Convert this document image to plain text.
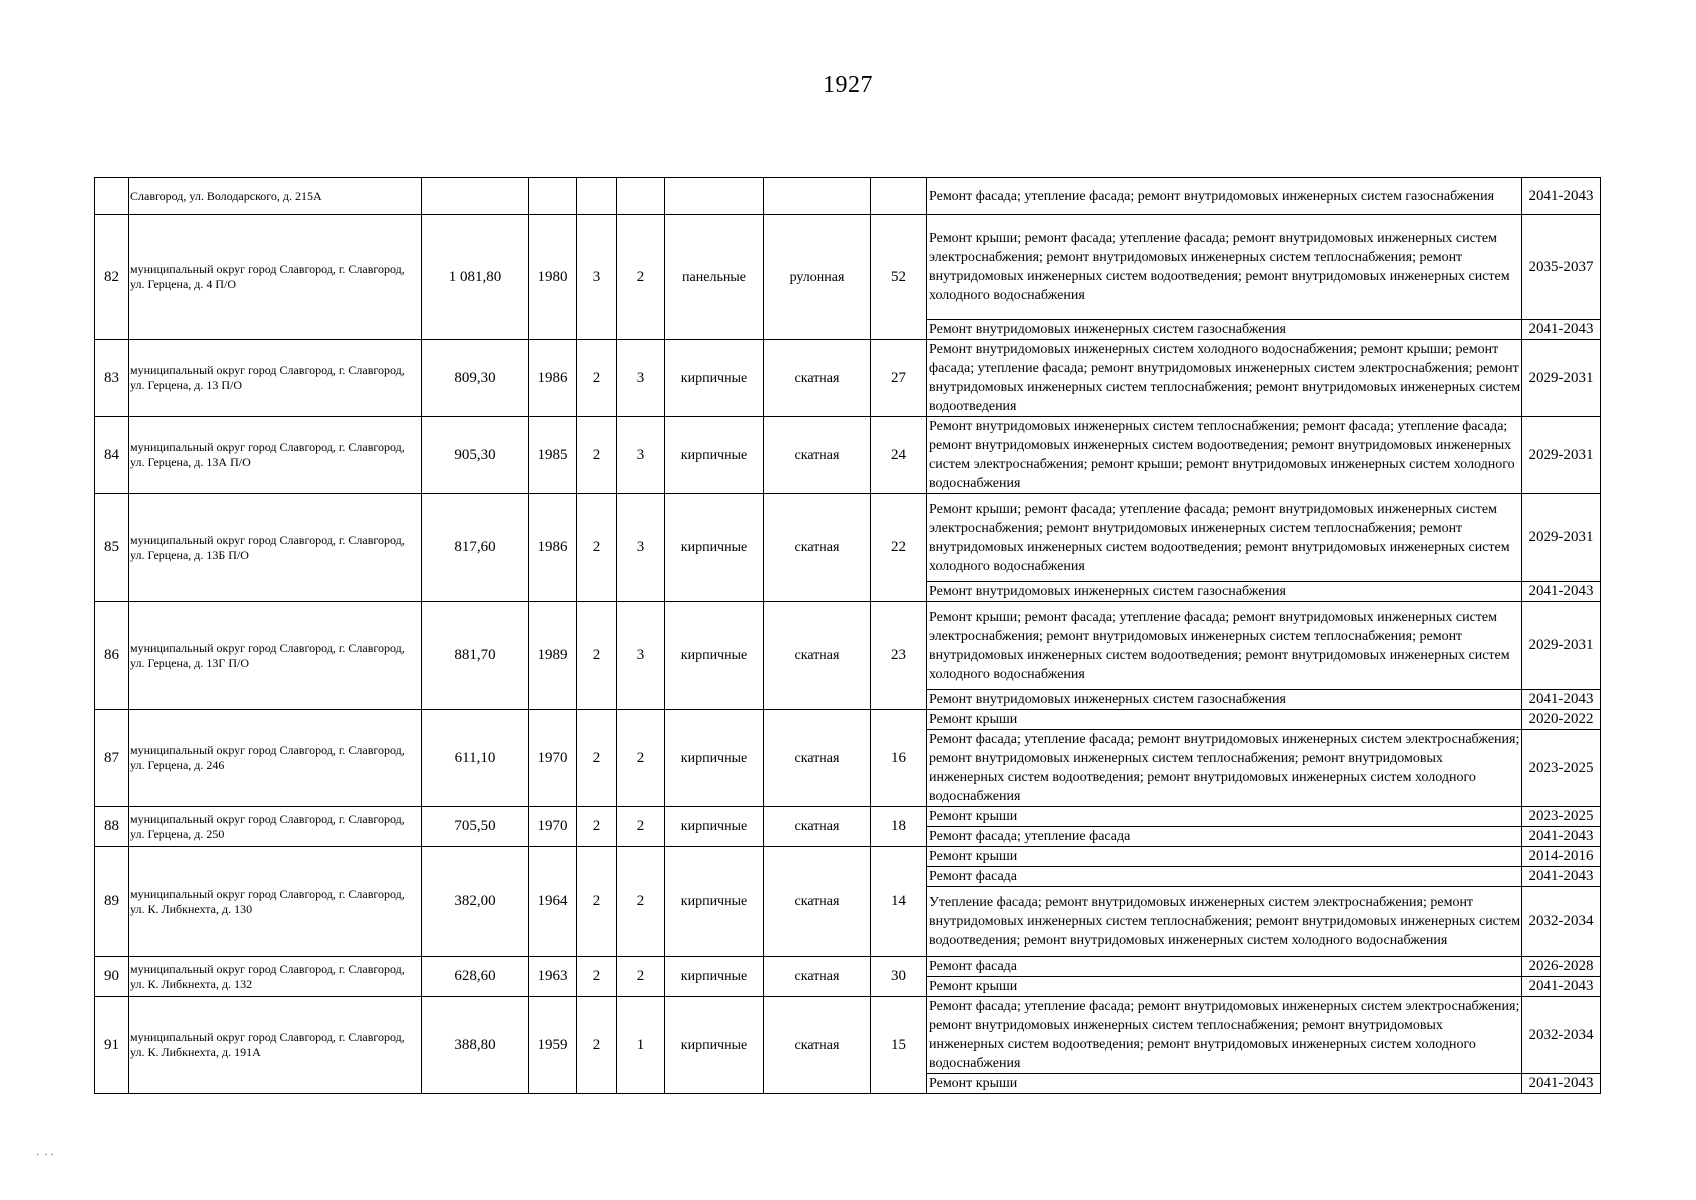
1927
	Славгород, ул. Володарского, д. 215А								Ремонт фасада; утепление фасада; ремонт внутридомовых инженерных систем газоснабжения	2041-2043
82	муниципальный округ город Славгород, г. Славгород, ул. Герцена, д. 4 П/О	1 081,80	1980	3	2	панельные	рулонная	52	Ремонт крыши; ремонт фасада; утепление фасада; ремонт внутридомовых инженерных систем электроснабжения; ремонт внутридомовых инженерных систем теплоснабжения; ремонт внутридомовых инженерных систем водоотведения; ремонт внутридомовых инженерных систем холодного водоснабжения	2035-2037
									Ремонт внутридомовых инженерных систем газоснабжения	2041-2043
83	муниципальный округ город Славгород, г. Славгород, ул. Герцена, д. 13 П/О	809,30	1986	2	3	кирпичные	скатная	27	Ремонт внутридомовых инженерных систем холодного водоснабжения; ремонт крыши; ремонт фасада; утепление фасада; ремонт внутридомовых инженерных систем электроснабжения; ремонт внутридомовых инженерных систем теплоснабжения; ремонт внутридомовых инженерных систем водоотведения	2029-2031
84	муниципальный округ город Славгород, г. Славгород, ул. Герцена, д. 13А П/О	905,30	1985	2	3	кирпичные	скатная	24	Ремонт внутридомовых инженерных систем теплоснабжения; ремонт фасада; утепление фасада; ремонт внутридомовых инженерных систем водоотведения; ремонт внутридомовых инженерных систем электроснабжения; ремонт крыши; ремонт внутридомовых инженерных систем холодного водоснабжения	2029-2031
85	муниципальный округ город Славгород, г. Славгород, ул. Герцена, д. 13Б П/О	817,60	1986	2	3	кирпичные	скатная	22	Ремонт крыши; ремонт фасада; утепление фасада; ремонт внутридомовых инженерных систем электроснабжения; ремонт внутридомовых инженерных систем теплоснабжения; ремонт внутридомовых инженерных систем водоотведения; ремонт внутридомовых инженерных систем холодного водоснабжения	2029-2031
									Ремонт внутридомовых инженерных систем газоснабжения	2041-2043
86	муниципальный округ город Славгород, г. Славгород, ул. Герцена, д. 13Г П/О	881,70	1989	2	3	кирпичные	скатная	23	Ремонт крыши; ремонт фасада; утепление фасада; ремонт внутридомовых инженерных систем электроснабжения; ремонт внутридомовых инженерных систем теплоснабжения; ремонт внутридомовых инженерных систем водоотведения; ремонт внутридомовых инженерных систем холодного водоснабжения	2029-2031
									Ремонт внутридомовых инженерных систем газоснабжения	2041-2043
87	муниципальный округ город Славгород, г. Славгород, ул. Герцена, д. 246	611,10	1970	2	2	кирпичные	скатная	16	Ремонт крыши	2020-2022
									Ремонт фасада; утепление фасада; ремонт внутридомовых инженерных систем электроснабжения; ремонт внутридомовых инженерных систем теплоснабжения; ремонт внутридомовых инженерных систем водоотведения; ремонт внутридомовых инженерных систем холодного водоснабжения	2023-2025
88	муниципальный округ город Славгород, г. Славгород, ул. Герцена, д. 250	705,50	1970	2	2	кирпичные	скатная	18	Ремонт крыши	2023-2025
									Ремонт фасада; утепление фасада	2041-2043
89	муниципальный округ город Славгород, г. Славгород, ул. К. Либкнехта, д. 130	382,00	1964	2	2	кирпичные	скатная	14	Ремонт крыши	2014-2016
									Ремонт фасада	2041-2043
									Утепление фасада; ремонт внутридомовых инженерных систем электроснабжения; ремонт внутридомовых инженерных систем теплоснабжения; ремонт внутридомовых инженерных систем водоотведения; ремонт внутридомовых инженерных систем холодного водоснабжения	2032-2034
90	муниципальный округ город Славгород, г. Славгород, ул. К. Либкнехта, д. 132	628,60	1963	2	2	кирпичные	скатная	30	Ремонт фасада	2026-2028
									Ремонт крыши	2041-2043
91	муниципальный округ город Славгород, г. Славгород, ул. К. Либкнехта, д. 191А	388,80	1959	2	1	кирпичные	скатная	15	Ремонт фасада; утепление фасада; ремонт внутридомовых инженерных систем электроснабжения; ремонт внутридомовых инженерных систем теплоснабжения; ремонт внутридомовых инженерных систем водоотведения; ремонт внутридомовых инженерных систем холодного водоснабжения	2032-2034
									Ремонт крыши	2041-2043
·  · ·
